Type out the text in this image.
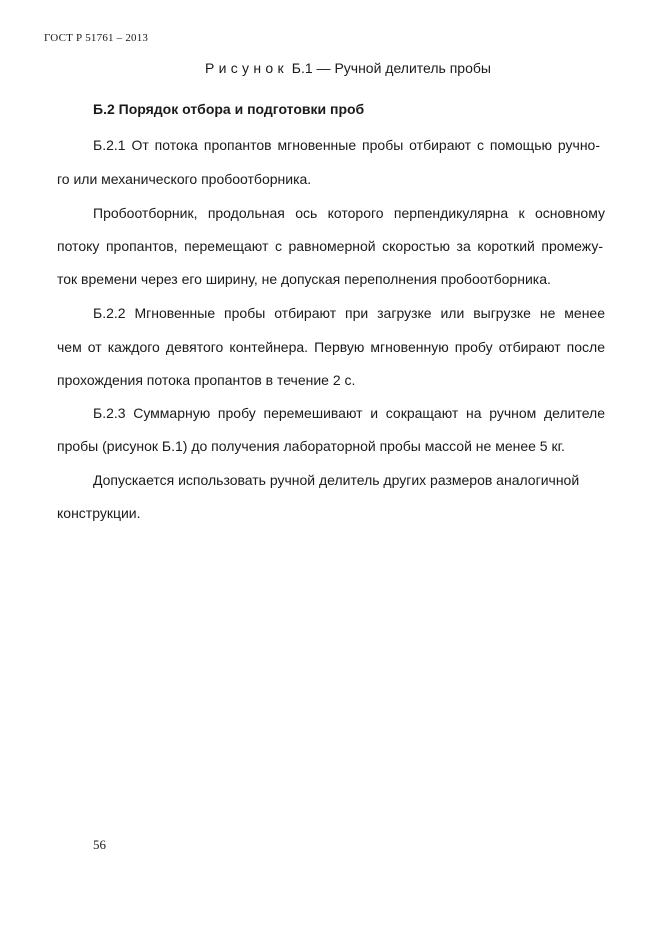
ГОСТ Р 51761 – 2013
Рисунок Б.1 — Ручной делитель пробы
Б.2 Порядок отбора и подготовки проб
Б.2.1 От потока пропантов мгновенные пробы отбирают с помощью ручно-
го или механического пробоотборника.
Пробоотборник, продольная ось которого перпендикулярна к основному
потоку пропантов, перемещают с равномерной скоростью за короткий промежу-
ток времени через его ширину, не допуская переполнения пробоотборника.
Б.2.2 Мгновенные пробы отбирают при загрузке или выгрузке не менее
чем от каждого девятого контейнера. Первую мгновенную пробу отбирают после
прохождения потока пропантов в течение 2 с.
Б.2.3 Суммарную пробу перемешивают и сокращают на ручном делителе
пробы (рисунок Б.1) до получения лабораторной пробы массой не менее 5 кг.
Допускается использовать ручной делитель других размеров аналогичной
конструкции.
56
